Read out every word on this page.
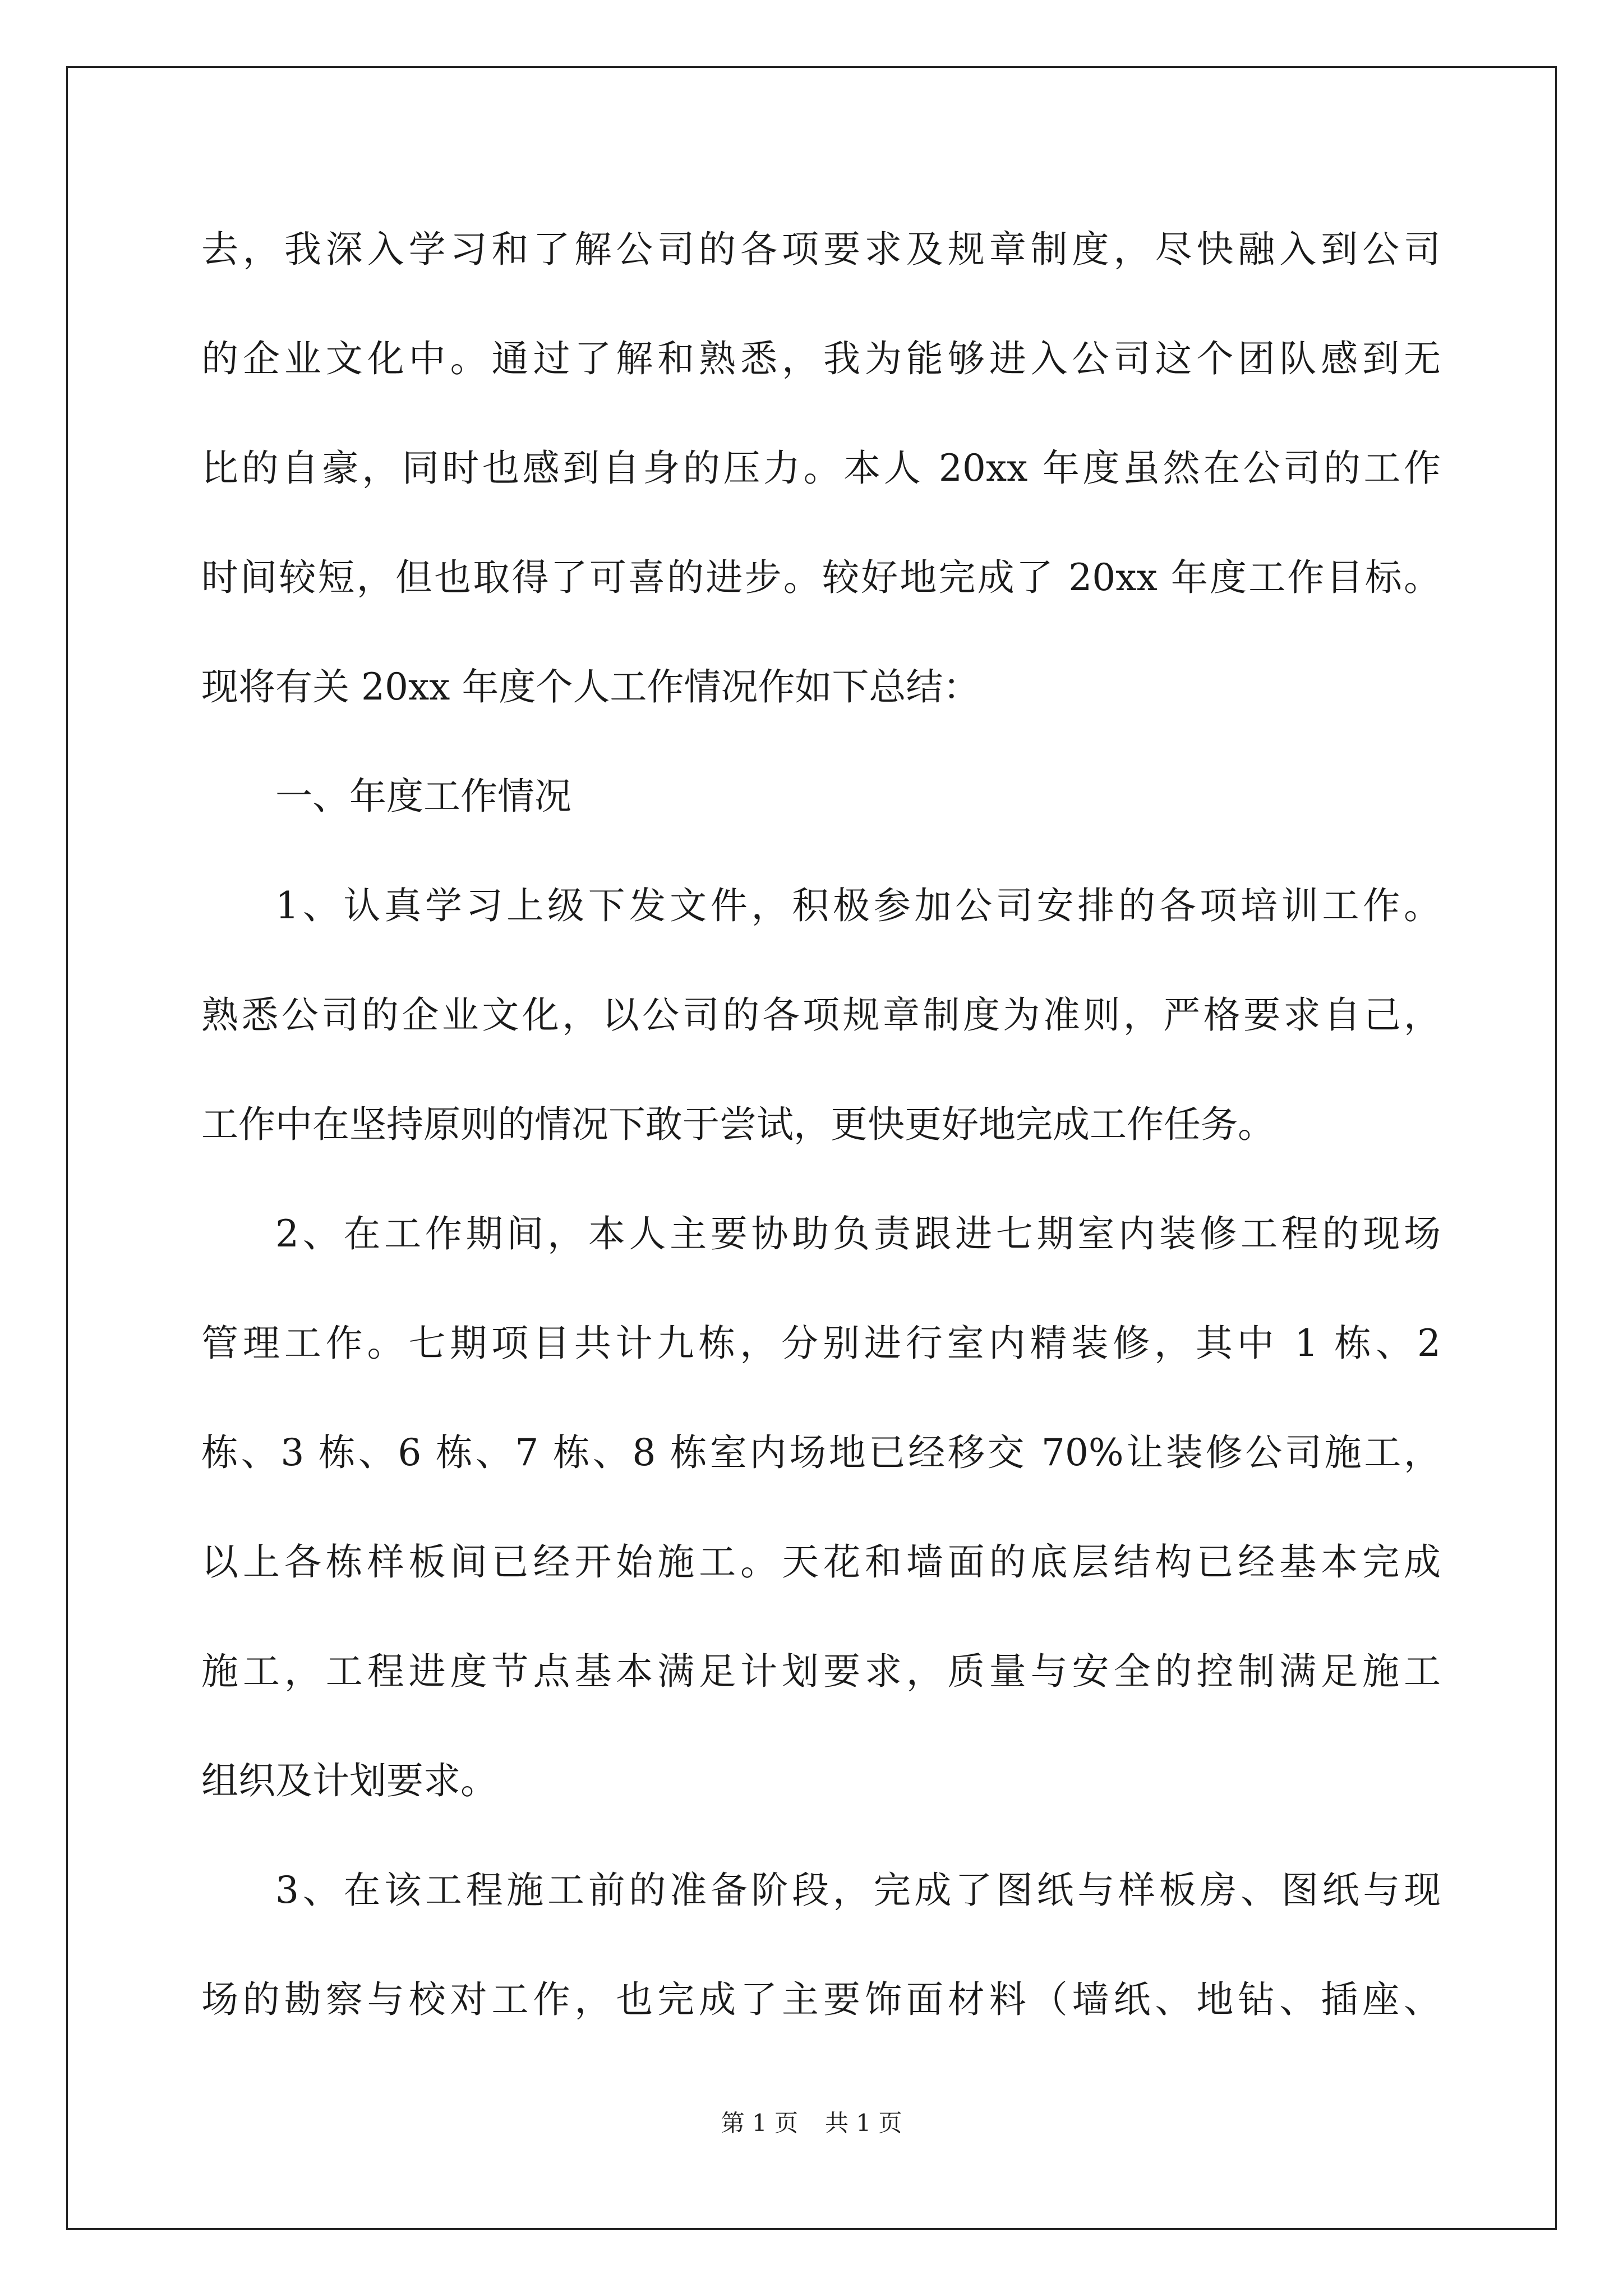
去，我深入学习和了解公司的各项要求及规章制度，尽快融入到公司
的企业文化中。通过了解和熟悉，我为能够进入公司这个团队感到无
比的自豪，同时也感到自身的压力。本人 20xx 年度虽然在公司的工作
时间较短，但也取得了可喜的进步。较好地完成了 20xx 年度工作目标。
现将有关 20xx 年度个人工作情况作如下总结：
一、年度工作情况
1、认真学习上级下发文件，积极参加公司安排的各项培训工作。
熟悉公司的企业文化，以公司的各项规章制度为准则，严格要求自己，
工作中在坚持原则的情况下敢于尝试，更快更好地完成工作任务。
2、在工作期间，本人主要协助负责跟进七期室内装修工程的现场
管理工作。七期项目共计九栋，分别进行室内精装修，其中 1 栋、2
栋、3 栋、6 栋、7 栋、8 栋室内场地已经移交 70%让装修公司施工，
以上各栋样板间已经开始施工。天花和墙面的底层结构已经基本完成
施工，工程进度节点基本满足计划要求，质量与安全的控制满足施工
组织及计划要求。
3、在该工程施工前的准备阶段，完成了图纸与样板房、图纸与现
场的勘察与校对工作，也完成了主要饰面材料（墙纸、地钻、插座、
第 1 页 共 1 页
